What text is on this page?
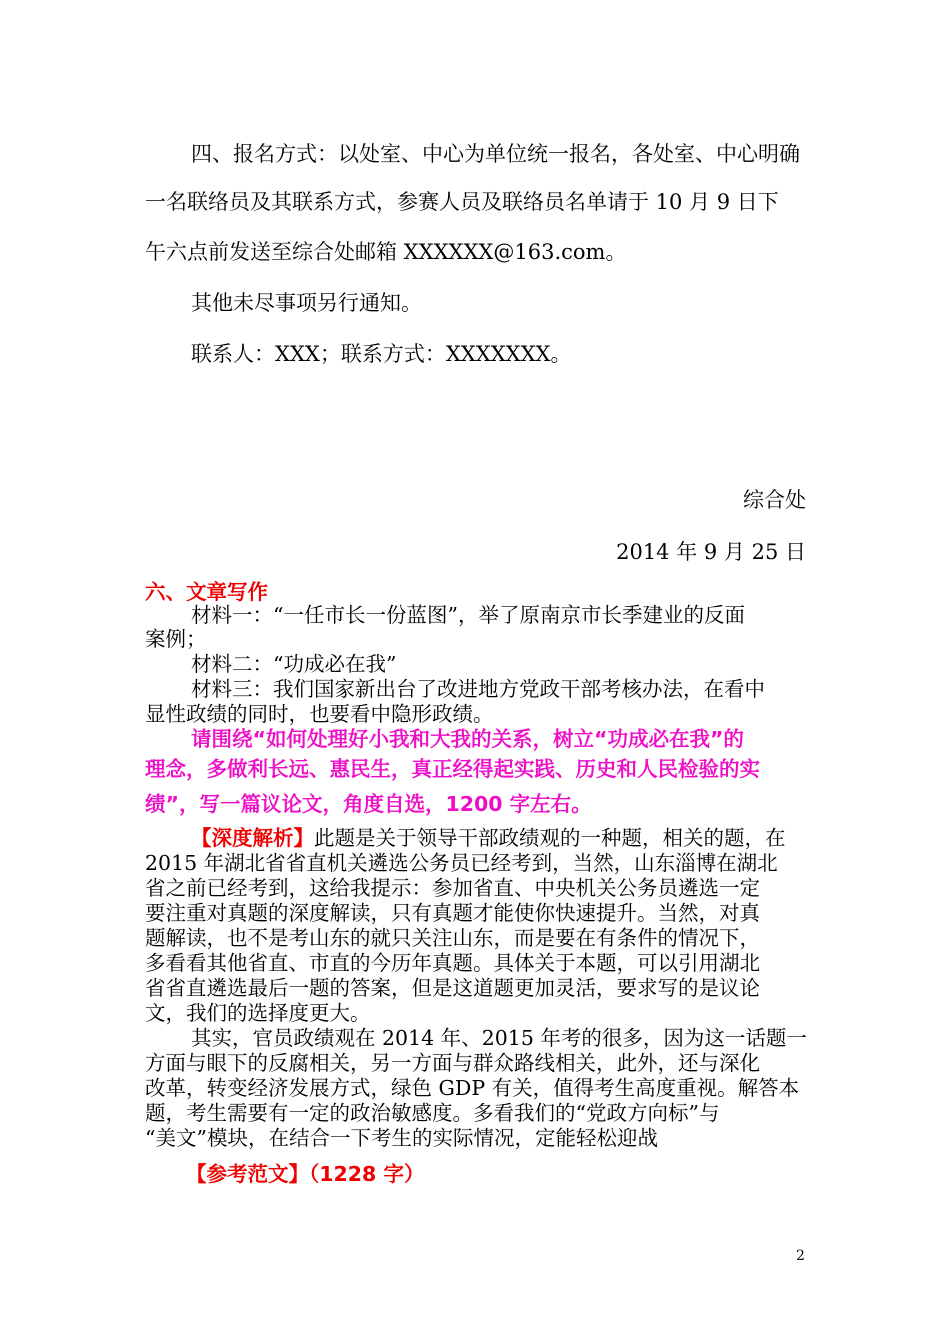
四、报名方式：以处室、中心为单位统一报名，各处室、中心明确
一名联络员及其联系方式，参赛人员及联络员名单请于 10 月 9 日下
午六点前发送至综合处邮箱 XXXXXX@163.com。
其他未尽事项另行通知。
联系人：XXX；联系方式：XXXXXXX。
综合处
2014 年 9 月 25 日
六、文章写作
材料一：“一任市长一份蓝图”，举了原南京市长季建业的反面
案例；
材料二：“功成必在我”
材料三：我们国家新出台了改进地方党政干部考核办法，在看中
显性政绩的同时，也要看中隐形政绩。
请围绕“如何处理好小我和大我的关系，树立“功成必在我”的
理念，多做利长远、惠民生，真正经得起实践、历史和人民检验的实
绩”，写一篇议论文，角度自选，1200 字左右。
【深度解析】此题是关于领导干部政绩观的一种题，相关的题，在
2015 年湖北省省直机关遴选公务员已经考到，当然，山东淄博在湖北
省之前已经考到，这给我提示：参加省直、中央机关公务员遴选一定
要注重对真题的深度解读，只有真题才能使你快速提升。当然，对真
题解读，也不是考山东的就只关注山东，而是要在有条件的情况下，
多看看其他省直、市直的今历年真题。具体关于本题，可以引用湖北
省省直遴选最后一题的答案，但是这道题更加灵活，要求写的是议论
文，我们的选择度更大。
其实，官员政绩观在 2014 年、2015 年考的很多，因为这一话题一
方面与眼下的反腐相关，另一方面与群众路线相关，此外，还与深化
改革，转变经济发展方式，绿色 GDP 有关，值得考生高度重视。解答本
题，考生需要有一定的政治敏感度。多看我们的“党政方向标”与
“美文”模块，在结合一下考生的实际情况，定能轻松迎战
【参考范文】（1228 字）
2
